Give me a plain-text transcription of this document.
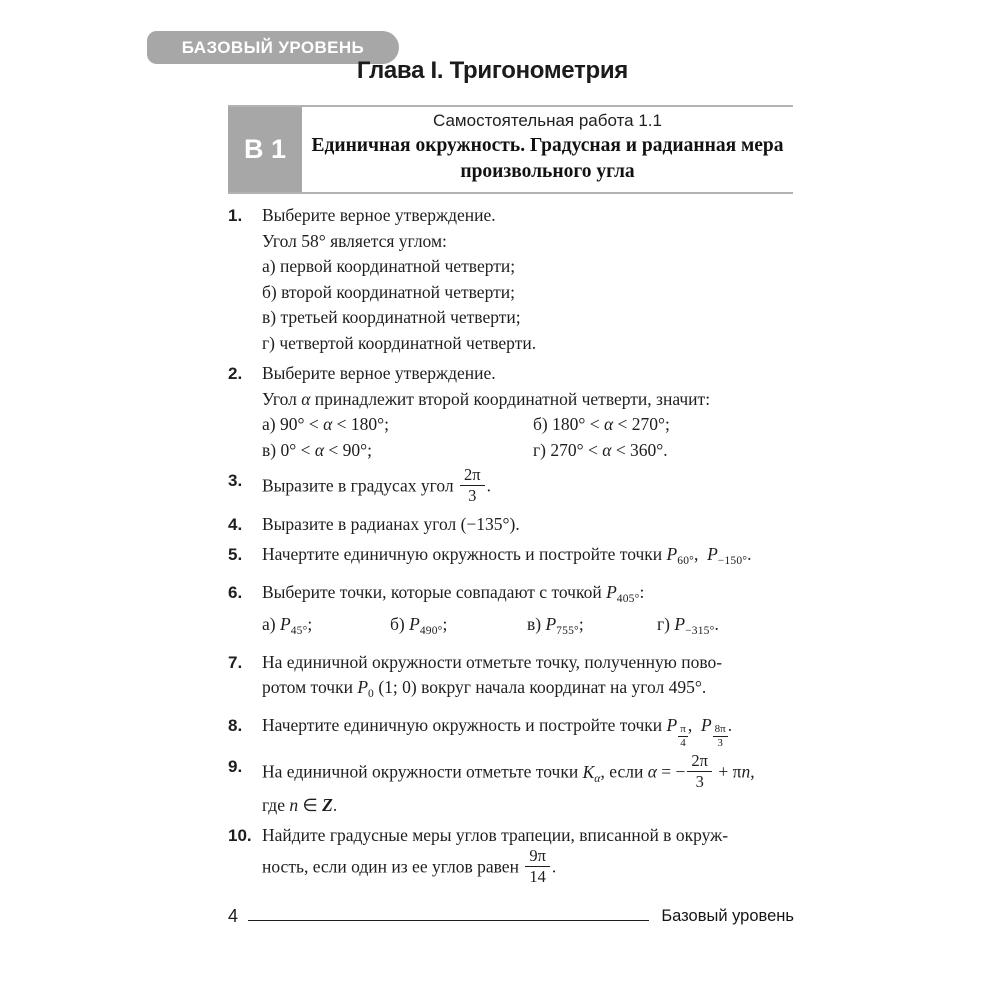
БАЗОВЫЙ УРОВЕНЬ
Глава I. Тригонометрия
В 1
Самостоятельная работа 1.1
Единичная окружность. Градусная и радианная мера произвольного угла
1.	Выберите верное утверждение.
Угол 58° является углом:
а) первой координатной четверти;
б) второй координатной четверти;
в) третьей координатной четверти;
г) четвертой координатной четверти.
2.	Выберите верное утверждение.
Угол α принадлежит второй координатной четверти, значит:
а) 90° < α < 180°;	б) 180° < α < 270°;
в) 0° < α < 90°;	г) 270° < α < 360°.
3.	Выразите в градусах угол $\frac{2\pi}{3}$ .
4.	Выразите в радианах угол (−135°).
5.	Начертите единичную окружность и постройте точки $P_{60^\circ}$, $P_{-150^\circ}$.
6.	Выберите точки, которые совпадают с точкой $P_{405^\circ}$:
а) $P_{45^\circ}$;	б) $P_{490^\circ}$;	в) $P_{755^\circ}$;	г) $P_{-315^\circ}$.
7.	На единичной окружности отметьте точку, полученную пово-
ротом точки $P_0$ (1; 0) вокруг начала координат на угол 495°.
8.	Начертите единичную окружность и постройте точки P $\frac{\pi}{4}$ , P $\frac{8\pi}{3}$ .
9.	На единичной окружности отметьте точки $K_\alpha$, если α = − $\frac{2\pi}{3} + \pi n$,
где n ∈ Z.
10. Найдите градусные меры углов трапеции, вписанной в окруж-
ность, если один из ее углов равен $\frac{9\pi}{14}$ .
4	Базовый уровень
